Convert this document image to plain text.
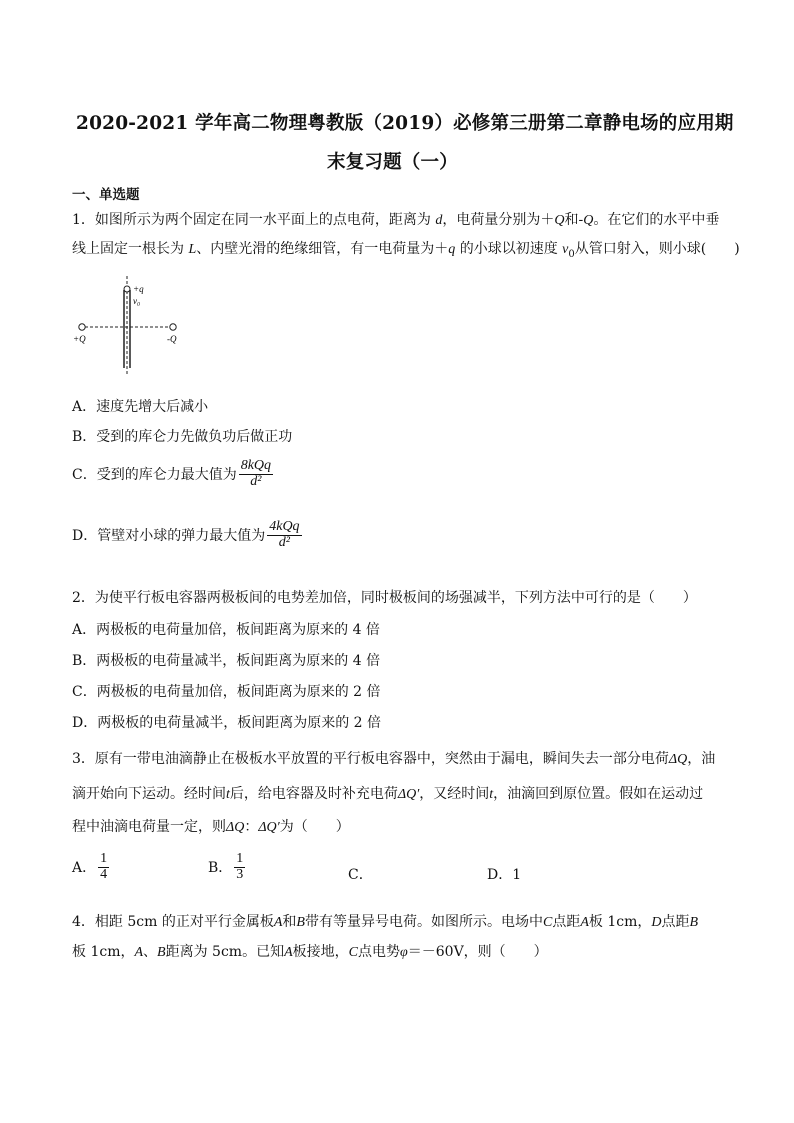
2020-2021 学年高二物理粤教版（2019）必修第三册第二章静电场的应用期
末复习题（一）
一、单选题
1．如图所示为两个固定在同一水平面上的点电荷，距离为 d，电荷量分别为＋Q和-Q。在它们的水平中垂
线上固定一根长为 L、内壁光滑的绝缘细管，有一电荷量为＋q 的小球以初速度 $v_0$从管口射入，则小球(　　)
+q
v₀
+Q	-Q
A．速度先增大后减小
B．受到的库仑力先做负功后做正功
C．受到的库仑力最大值为 $\frac{\text{8kQq}}{\text{d²}}$
D．管壁对小球的弹力最大值为 $\frac{\text{4kQq}}{\text{d²}}$
2．为使平行板电容器两极板间的电势差加倍，同时极板间的场强减半，下列方法中可行的是（　　）
A．两极板的电荷量加倍，板间距离为原来的 4 倍
B．两极板的电荷量减半，板间距离为原来的 4 倍
C．两极板的电荷量加倍，板间距离为原来的 2 倍
D．两极板的电荷量减半，板间距离为原来的 2 倍
3．原有一带电油滴静止在极板水平放置的平行板电容器中，突然由于漏电，瞬间失去一部分电荷ΔQ，油
滴开始向下运动。经时间t后，给电容器及时补充电荷ΔQ′，又经时间t，油滴回到原位置。假如在运动过
程中油滴电荷量一定，则ΔQ：ΔQ′为（　　）
A． $\frac{1}{4}$	B． $\frac{1}{3}$	C．	D．1
4．相距 5cm 的正对平行金属板A和B带有等量异号电荷。如图所示。电场中C点距A板 1cm，D点距B
板 1cm，A、B距离为 5cm。已知A板接地，C点电势φ＝－60V，则（　　）
